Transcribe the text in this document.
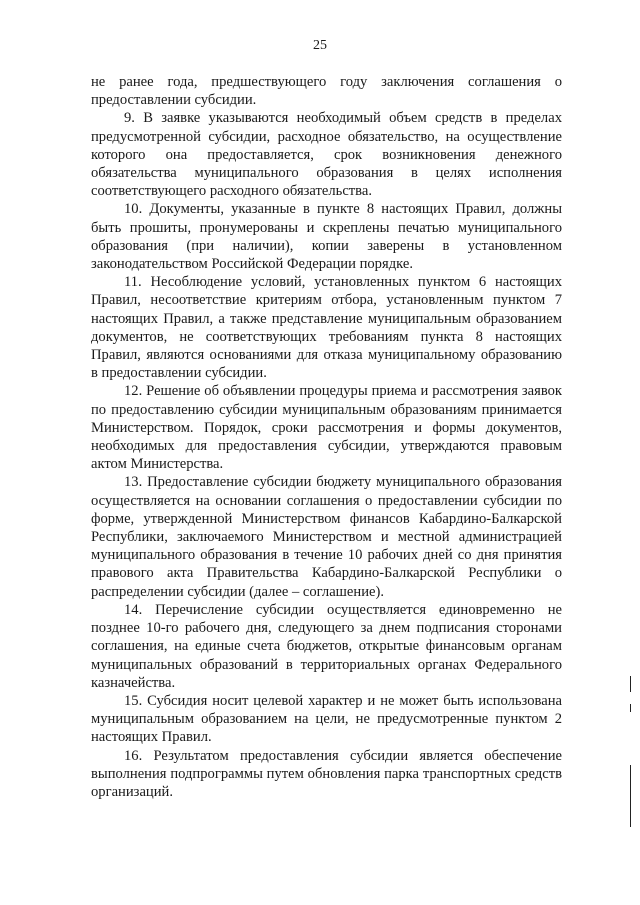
25

не ранее года, предшествующего году заключения соглашения о предоставлении субсидии.

9. В заявке указываются необходимый объем средств в пределах предусмотренной субсидии, расходное обязательство, на осуществление которого она предоставляется, срок возникновения денежного обязательства муниципального образования в целях исполнения соответствующего расходного обязательства.

10. Документы, указанные в пункте 8 настоящих Правил, должны быть прошиты, пронумерованы и скреплены печатью муниципального образования (при наличии), копии заверены в установленном законодательством Российской Федерации порядке.

11. Несоблюдение условий, установленных пунктом 6 настоящих Правил, несоответствие критериям отбора, установленным пунктом 7 настоящих Правил, а также представление муниципальным образованием документов, не соответствующих требованиям пункта 8 настоящих Правил, являются основаниями для отказа муниципальному образованию в предоставлении субсидии.

12. Решение об объявлении процедуры приема и рассмотрения заявок по предоставлению субсидии муниципальным образованиям принимается Министерством. Порядок, сроки рассмотрения и формы документов, необходимых для предоставления субсидии, утверждаются правовым актом Министерства.

13. Предоставление субсидии бюджету муниципального образования осуществляется на основании соглашения о предоставлении субсидии по форме, утвержденной Министерством финансов Кабардино-Балкарской Республики, заключаемого Министерством и местной администрацией муниципального образования в течение 10 рабочих дней со дня принятия правового акта Правительства Кабардино-Балкарской Республики о распределении субсидии (далее – соглашение).

14. Перечисление субсидии осуществляется единовременно не позднее 10-го рабочего дня, следующего за днем подписания сторонами соглашения, на единые счета бюджетов, открытые финансовым органам муниципальных образований в территориальных органах Федерального казначейства.

15. Субсидия носит целевой характер и не может быть использована муниципальным образованием на цели, не предусмотренные пунктом 2 настоящих Правил.

16. Результатом предоставления субсидии является обеспечение выполнения подпрограммы путем обновления парка транспортных средств организаций.
